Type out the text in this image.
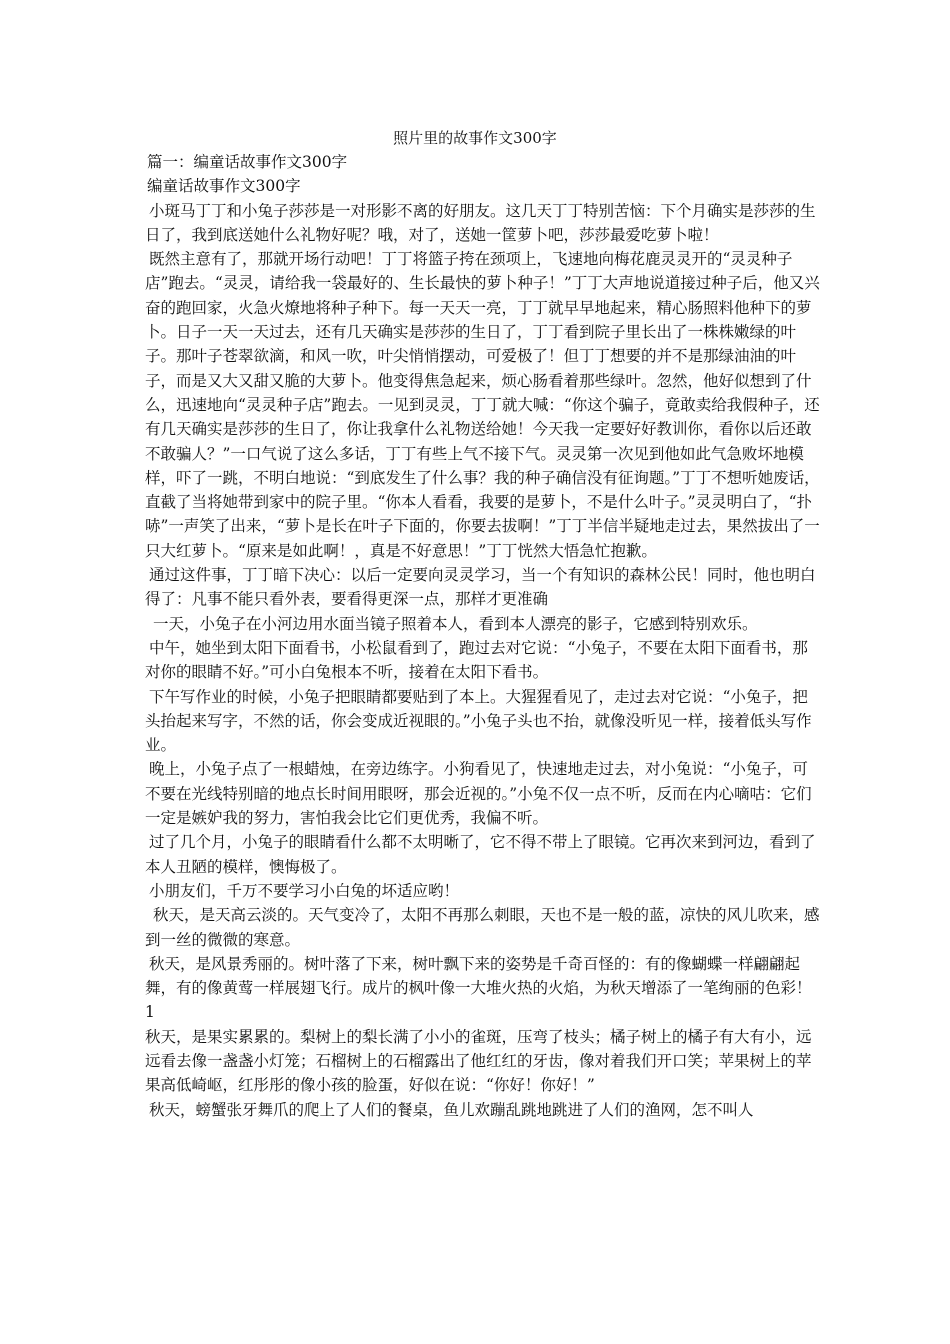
照片里的故事作文300字

篇一：编童话故事作文300字

编童话故事作文300字

小斑马丁丁和小兔子莎莎是一对形影不离的好朋友。这几天丁丁特别苦恼：下个月确实是莎莎的生日了，我到底送她什么礼物好呢？哦，对了，送她一筐萝卜吧，莎莎最爱吃萝卜啦！

既然主意有了，那就开场行动吧！丁丁将篮子挎在颈项上，飞速地向梅花鹿灵灵开的“灵灵种子店”跑去。“灵灵，请给我一袋最好的、生长最快的萝卜种子！”丁丁大声地说道接过种子后，他又兴奋的跑回家，火急火燎地将种子种下。每一天天一亮，丁丁就早早地起来，精心肠照料他种下的萝卜。日子一天一天过去，还有几天确实是莎莎的生日了，丁丁看到院子里长出了一株株嫩绿的叶子。那叶子苍翠欲滴，和风一吹，叶尖悄悄摆动，可爱极了！但丁丁想要的并不是那绿油油的叶子，而是又大又甜又脆的大萝卜。他变得焦急起来，烦心肠看着那些绿叶。忽然，他好似想到了什么，迅速地向“灵灵种子店”跑去。一见到灵灵，丁丁就大喊：“你这个骗子，竟敢卖给我假种子，还有几天确实是莎莎的生日了，你让我拿什么礼物送给她！今天我一定要好好教训你，看你以后还敢不敢骗人？”一口气说了这么多话，丁丁有些上气不接下气。灵灵第一次见到他如此气急败坏地模样，吓了一跳，不明白地说：“到底发生了什么事？我的种子确信没有征询题。”丁丁不想听她废话，直截了当将她带到家中的院子里。“你本人看看，我要的是萝卜，不是什么叶子。”灵灵明白了，“扑哧”一声笑了出来，“萝卜是长在叶子下面的，你要去拔啊！”丁丁半信半疑地走过去，果然拔出了一只大红萝卜。“原来是如此啊！，真是不好意思！”丁丁恍然大悟急忙抱歉。

通过这件事，丁丁暗下决心：以后一定要向灵灵学习，当一个有知识的森林公民！同时，他也明白得了：凡事不能只看外表，要看得更深一点，那样才更准确

一天，小兔子在小河边用水面当镜子照着本人，看到本人漂亮的影子，它感到特别欢乐。

中午，她坐到太阳下面看书，小松鼠看到了，跑过去对它说：“小兔子，不要在太阳下面看书，那对你的眼睛不好。”可小白兔根本不听，接着在太阳下看书。

下午写作业的时候，小兔子把眼睛都要贴到了本上。大猩猩看见了，走过去对它说：“小兔子，把头抬起来写字，不然的话，你会变成近视眼的。”小兔子头也不抬，就像没听见一样，接着低头写作业。

晚上，小兔子点了一根蜡烛，在旁边练字。小狗看见了，快速地走过去，对小兔说：“小兔子，可不要在光线特别暗的地点长时间用眼呀，那会近视的。”小兔不仅一点不听，反而在内心嘀咕：它们一定是嫉妒我的努力，害怕我会比它们更优秀，我偏不听。

过了几个月，小兔子的眼睛看什么都不太明晰了，它不得不带上了眼镜。它再次来到河边，看到了本人丑陋的模样，懊悔极了。

小朋友们，千万不要学习小白兔的坏适应哟！

秋天，是天高云淡的。天气变冷了，太阳不再那么刺眼，天也不是一般的蓝，凉快的风儿吹来，感到一丝的微微的寒意。

秋天，是风景秀丽的。树叶落了下来，树叶飘下来的姿势是千奇百怪的：有的像蝴蝶一样翩翩起舞，有的像黄莺一样展翅飞行。成片的枫叶像一大堆火热的火焰，为秋天增添了一笔绚丽的色彩！1

秋天，是果实累累的。梨树上的梨长满了小小的雀斑，压弯了枝头；橘子树上的橘子有大有小，远远看去像一盏盏小灯笼；石榴树上的石榴露出了他红红的牙齿，像对着我们开口笑；苹果树上的苹果高低崎岖，红彤彤的像小孩的脸蛋，好似在说：“你好！你好！”

秋天，螃蟹张牙舞爪的爬上了人们的餐桌，鱼儿欢蹦乱跳地跳进了人们的渔网，怎不叫人
